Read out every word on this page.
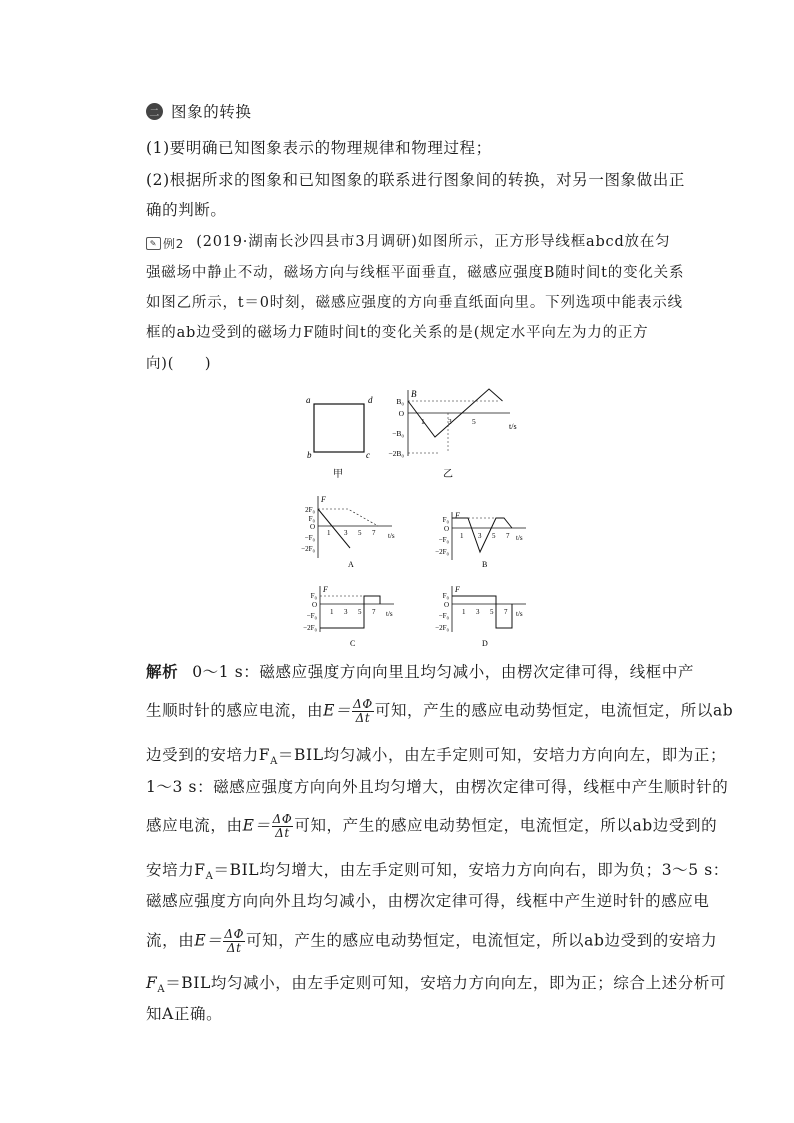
二 图象的转换
(1)要明确已知图象表示的物理规律和物理过程；
(2)根据所求的图象和已知图象的联系进行图象间的转换，对另一图象做出正
确的判断。
✎ 例2 (2019·湖南长沙四县市3月调研)如图所示，正方形导线框abcd放在匀
强磁场中静止不动，磁场方向与线框平面垂直，磁感应强度B随时间t的变化关系
如图乙所示，t＝0时刻，磁感应强度的方向垂直纸面向里。下列选项中能表示线
框的ab边受到的磁场力F随时间t的变化关系的是(规定水平向左为力的正方
向)(　　)
a	d
b	c
甲
B
t/s
B₀
O
−B₀
−2B₀
1	3	5
乙
F
t/s
2F₀
F₀
O
−F₀
−2F₀
1 3 5 7
A
F
t/s
F₀
O
−F₀
−2F₀
1 3 5 7
B
F
t/s
F₀
O
−F₀
−2F₀
1 3 5 7
C
F
t/s
F₀
O
−F₀
−2F₀
1 3 5 7
D
解析 0～1 s：磁感应强度方向向里且均匀减小，由楞次定律可得，线框中产
生顺时针的感应电流，由$E= \frac{\Delta\Phi}{\Delta t}$ 可知，产生的感应电动势恒定，电流恒定，所以ab
边受到的安培力$F_A=BIL$均匀减小，由左手定则可知，安培力方向向左，即为正；
1～3 s：磁感应强度方向向外且均匀增大，由楞次定律可得，线框中产生顺时针的
感应电流，由$E= \frac{\Delta\Phi}{\Delta t}$ 可知，产生的感应电动势恒定，电流恒定，所以ab边受到的
安培力$F_A=BIL$均匀增大，由左手定则可知，安培力方向向右，即为负；3～5 s：
磁感应强度方向向外且均匀减小，由楞次定律可得，线框中产生逆时针的感应电
流，由$E= \frac{\Delta\Phi}{\Delta t}$ 可知，产生的感应电动势恒定，电流恒定，所以ab边受到的安培力
$F_A=BIL$均匀减小，由左手定则可知，安培力方向向左，即为正；综合上述分析可
知A正确。
